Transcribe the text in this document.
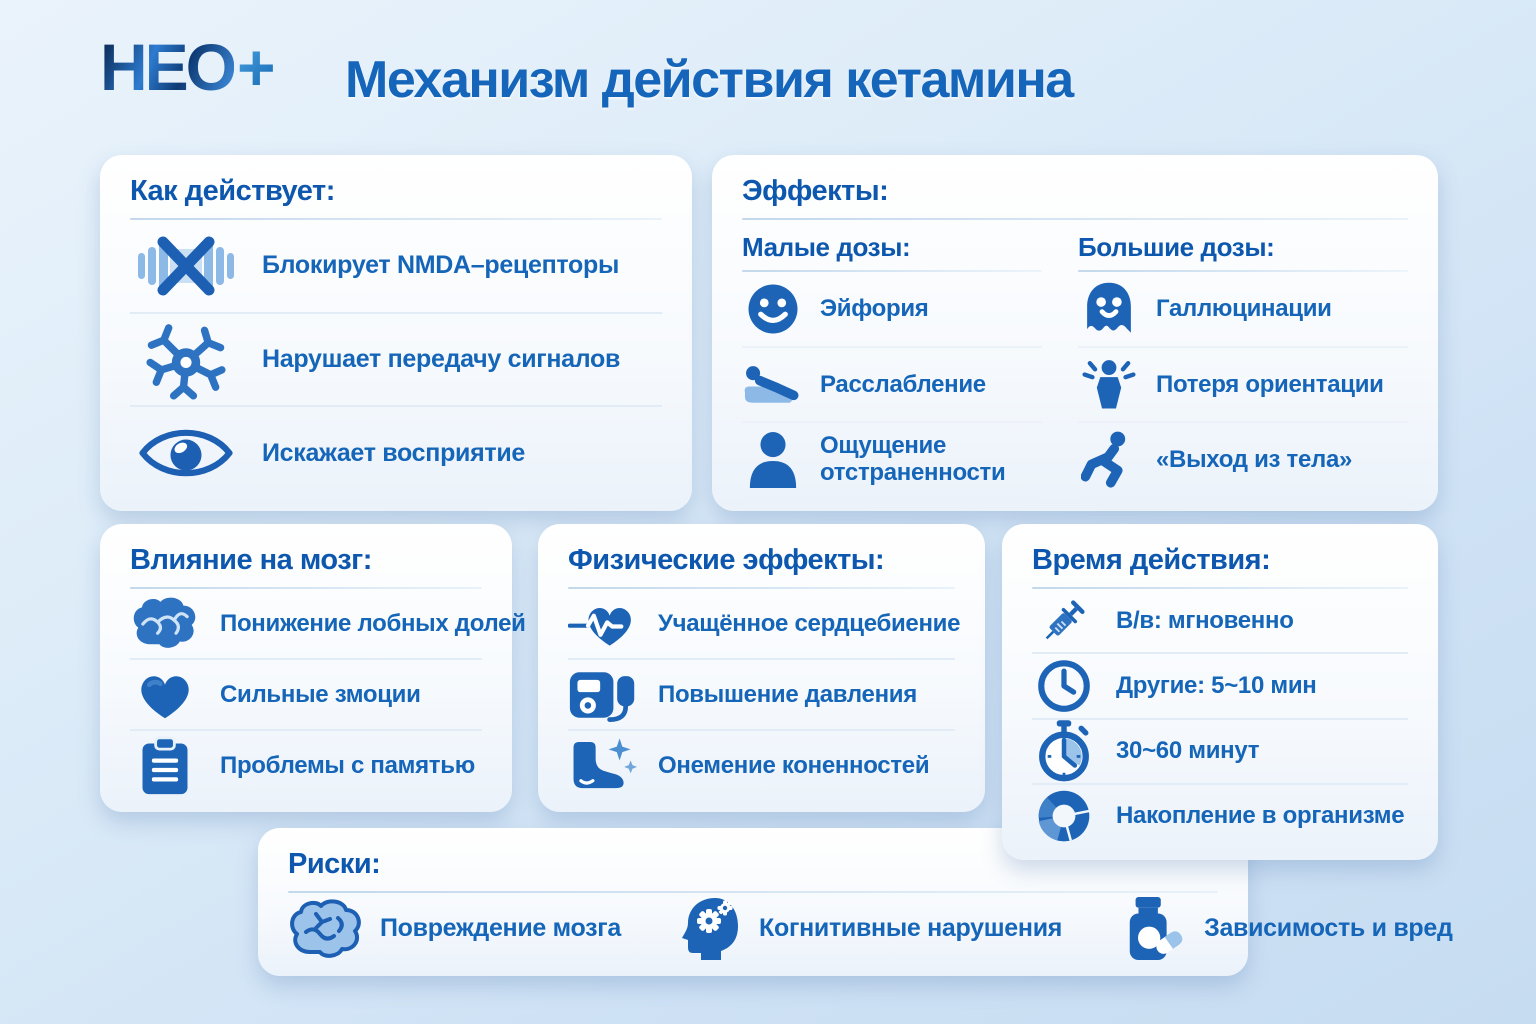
НЕО + Механизм действия кетамина
Как действует:
Блокирует NMDA–рецепторы
Нарушает передачу сигналов
Искажает восприятие
Эффекты:
Малые дозы:
Эйфория
Расслабление
Ощущение отстраненности
Большие дозы:
Галлюцинации
Потеря ориентации
«Выход из тела»
Влияние на мозг:
Понижение лобных долей
Сильные змоции
Проблемы с памятью
Физические эффекты:
Учащённое сердцебиение
Повышение давления
Онемение коненностей
Риски:
Повреждение мозга	Когнитивные нарушения	Зависимость и вред
Время действия:
В/в: мгновенно
Другие: 5~10 мин
30~60 минут
Накопление в организме
